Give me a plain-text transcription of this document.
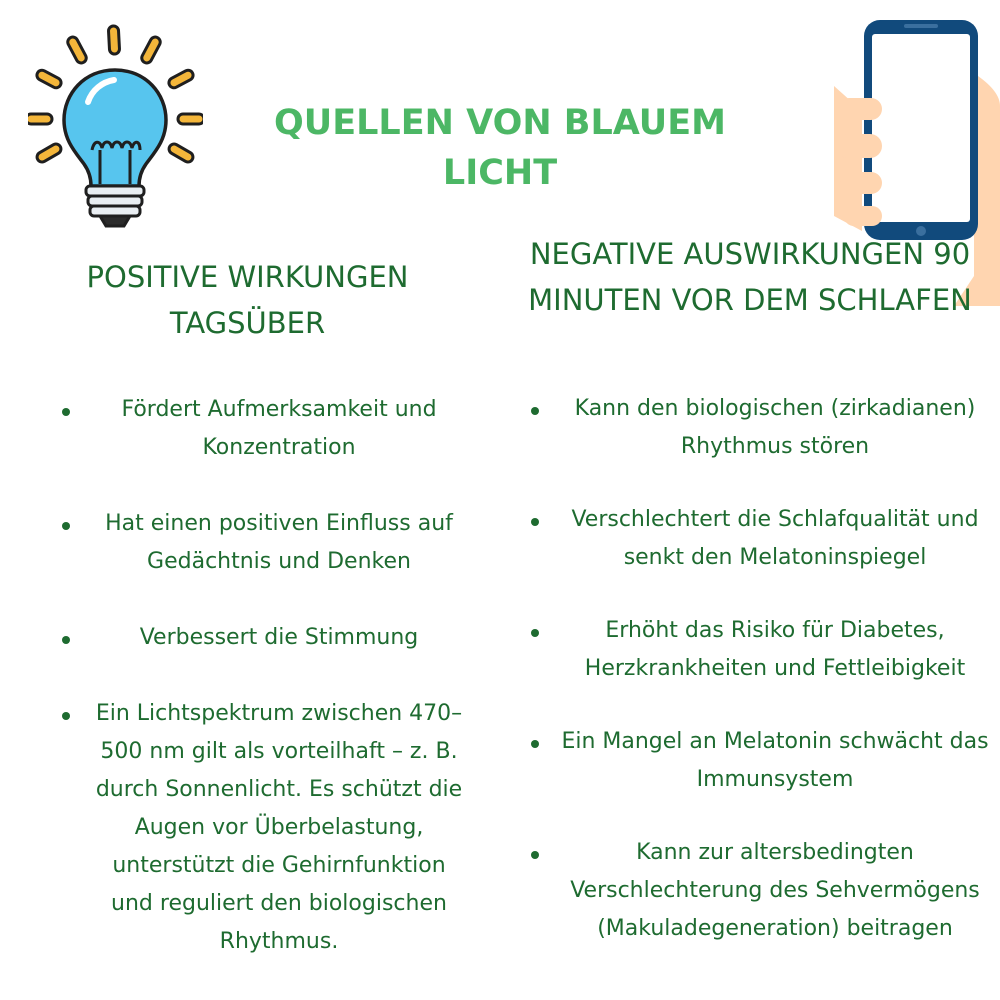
QUELLEN VON BLAUEM LICHT
POSITIVE WIRKUNGEN TAGSÜBER
NEGATIVE AUSWIRKUNGEN 90 MINUTEN VOR DEM SCHLAFEN
Fördert Aufmerksamkeit und Konzentration
Hat einen positiven Einfluss auf Gedächtnis und Denken
Verbessert die Stimmung
Ein Lichtspektrum zwischen 470–500 nm gilt als vorteilhaft – z. B. durch Sonnenlicht. Es schützt die Augen vor Überbelastung, unterstützt die Gehirnfunktion und reguliert den biologischen Rhythmus.
Kann den biologischen (zirkadianen) Rhythmus stören
Verschlechtert die Schlafqualität und senkt den Melatoninspiegel
Erhöht das Risiko für Diabetes, Herzkrankheiten und Fettleibigkeit
Ein Mangel an Melatonin schwächt das Immunsystem
Kann zur altersbedingten Verschlechterung des Sehvermögens (Makuladegeneration) beitragen
